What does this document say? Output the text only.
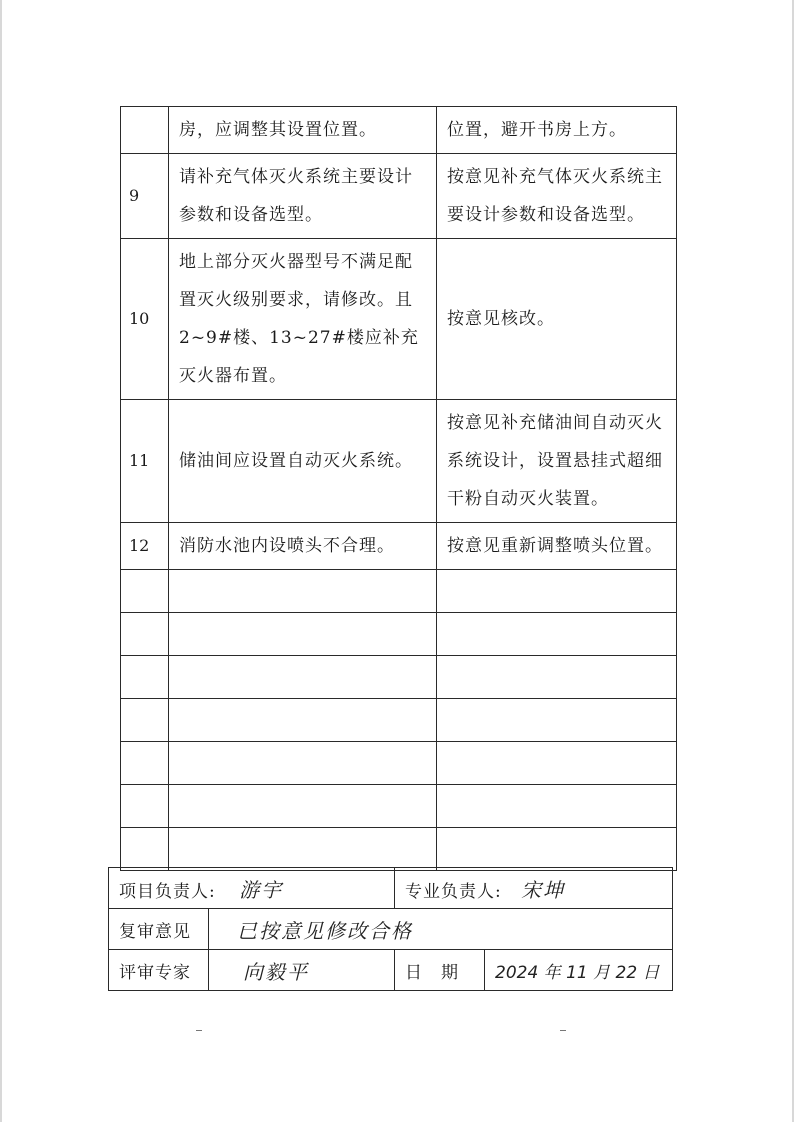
	房，应调整其设置位置。	位置，避开书房上方。
9	请补充气体灭火系统主要设计参数和设备选型。	按意见补充气体灭火系统主要设计参数和设备选型。
10	地上部分灭火器型号不满足配置灭火级别要求，请修改。且2~9#楼、13~27#楼应补充灭火器布置。	按意见核改。
11	储油间应设置自动灭火系统。	按意见补充储油间自动灭火系统设计，设置悬挂式超细干粉自动灭火装置。
12	消防水池内设喷头不合理。	按意见重新调整喷头位置。

项目负责人: 游宇		专业负责人: 宋坤	
复审意见	已按意见修改合格		
评审专家	向毅平	日　期	2024 年 11 月 22 日
